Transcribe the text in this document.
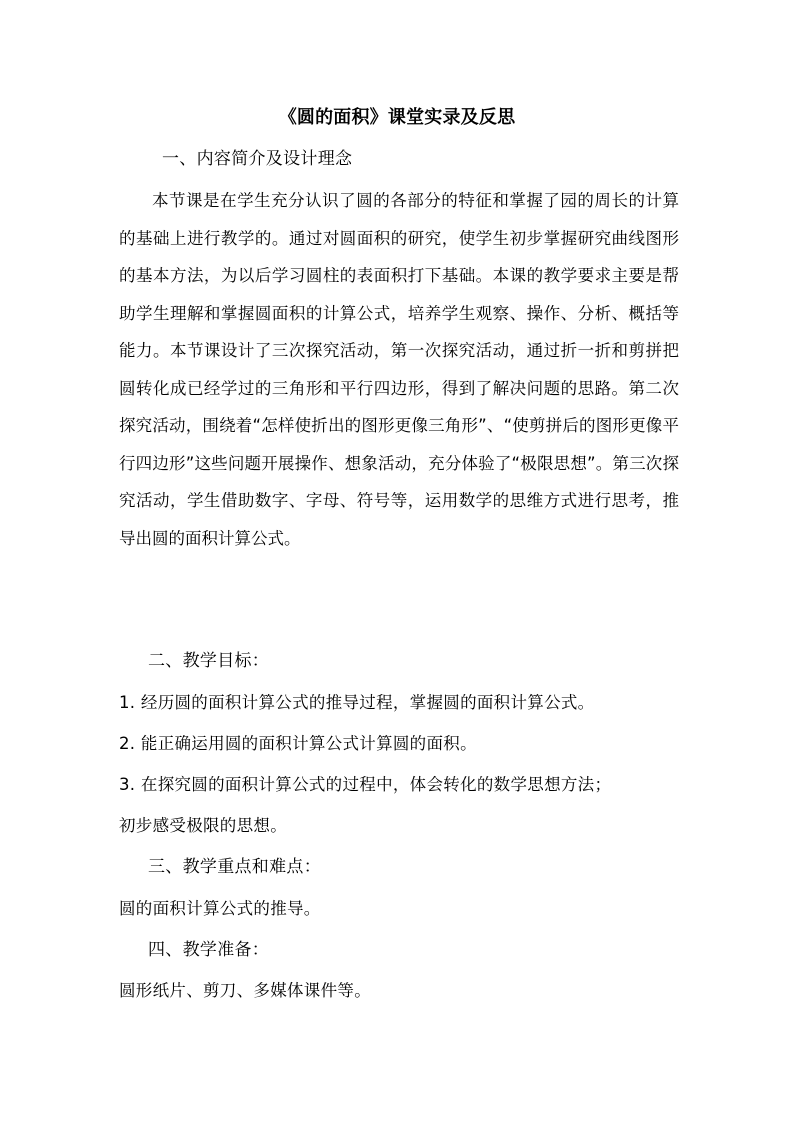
《圆的面积》课堂实录及反思
一、内容简介及设计理念

本节课是在学生充分认识了圆的各部分的特征和掌握了园的周长的计算的基础上进行教学的。通过对圆面积的研究，使学生初步掌握研究曲线图形的基本方法，为以后学习圆柱的表面积打下基础。本课的教学要求主要是帮助学生理解和掌握圆面积的计算公式，培养学生观察、操作、分析、概括等能力。本节课设计了三次探究活动，第一次探究活动，通过折一折和剪拼把圆转化成已经学过的三角形和平行四边形，得到了解决问题的思路。第二次探究活动，围绕着“怎样使折出的图形更像三角形”、“使剪拼后的图形更像平行四边形”这些问题开展操作、想象活动，充分体验了“极限思想”。第三次探究活动，学生借助数字、字母、符号等，运用数学的思维方式进行思考，推导出圆的面积计算公式。

二、教学目标：
1. 经历圆的面积计算公式的推导过程，掌握圆的面积计算公式。
2. 能正确运用圆的面积计算公式计算圆的面积。
3. 在探究圆的面积计算公式的过程中，体会转化的数学思想方法；
初步感受极限的思想。
三、教学重点和难点：
圆的面积计算公式的推导。
四、教学准备：
圆形纸片、剪刀、多媒体课件等。
